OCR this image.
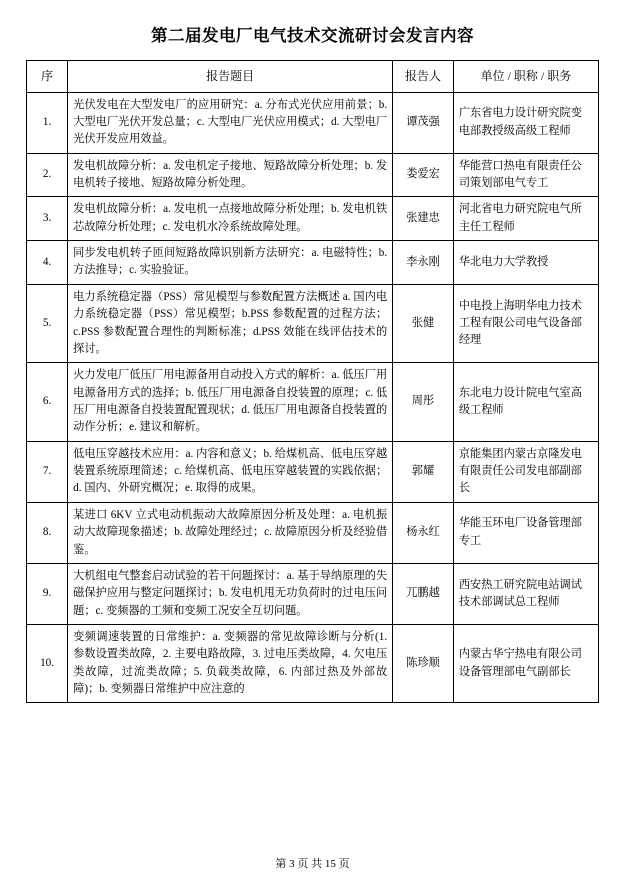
第二届发电厂电气技术交流研讨会发言内容
序	报告题目	报告人	单位 / 职称 / 职务
1.	光伏发电在大型发电厂的应用研究：a. 分布式光伏应用前景；b. 大型电厂光伏开发总量；c. 大型电厂光伏应用模式；d. 大型电厂光伏开发应用效益。	谭茂强	广东省电力设计研究院变电部教授级高级工程师
2.	发电机故障分析：a. 发电机定子接地、短路故障分析处理；b. 发电机转子接地、短路故障分析处理。	娄爱宏	华能营口热电有限责任公司策划部电气专工
3.	发电机故障分析：a. 发电机一点接地故障分析处理；b. 发电机铁芯故障分析处理；c. 发电机水冷系统故障处理。	张建忠	河北省电力研究院电气所主任工程师
4.	同步发电机转子匝间短路故障识别新方法研究：a. 电磁特性；b. 方法推导；c. 实验验证。	李永刚	华北电力大学教授
5.	电力系统稳定器（PSS）常见模型与参数配置方法概述 a. 国内电力系统稳定器（PSS）常见模型；b.PSS 参数配置的过程方法；c.PSS 参数配置合理性的判断标准；d.PSS 效能在线评估技术的探讨。	张健	中电投上海明华电力技术工程有限公司电气设备部经理
6.	火力发电厂低压厂用电源备用自动投入方式的解析：a. 低压厂用电源备用方式的选择；b. 低压厂用电源备自投装置的原理；c. 低压厂用电源备自投装置配置现状；d. 低压厂用电源备自投装置的动作分析；e. 建议和解析。	周彤	东北电力设计院电气室高级工程师
7.	低电压穿越技术应用：a. 内容和意义；b. 给煤机高、低电压穿越装置系统原理简述；c. 给煤机高、低电压穿越装置的实践依据；d. 国内、外研究概况；e. 取得的成果。	郭耀	京能集团内蒙古京隆发电有限责任公司发电部副部长
8.	某进口 6KV 立式电动机振动大故障原因分析及处理：a. 电机振动大故障现象描述；b. 故障处理经过；c. 故障原因分析及经验借鉴。	杨永红	华能玉环电厂设备管理部专工
9.	大机组电气整套启动试验的若干问题探讨：a. 基于导纳原理的失磁保护应用与整定问题探讨；b. 发电机甩无功负荷时的过电压问题；c. 变频器的工频和变频工况安全互切问题。	兀鹏越	西安热工研究院电站调试技术部调试总工程师
10.	变频调速装置的日常维护：a. 变频器的常见故障诊断与分析(1. 参数设置类故障，2. 主要电路故障，3. 过电压类故障，4. 欠电压类故障，过流类故障；5. 负载类故障，6. 内部过热及外部故障)；b. 变频器日常维护中应注意的	陈珍顺	内蒙古华宁热电有限公司设备管理部电气副部长
第 3 页 共 15 页
